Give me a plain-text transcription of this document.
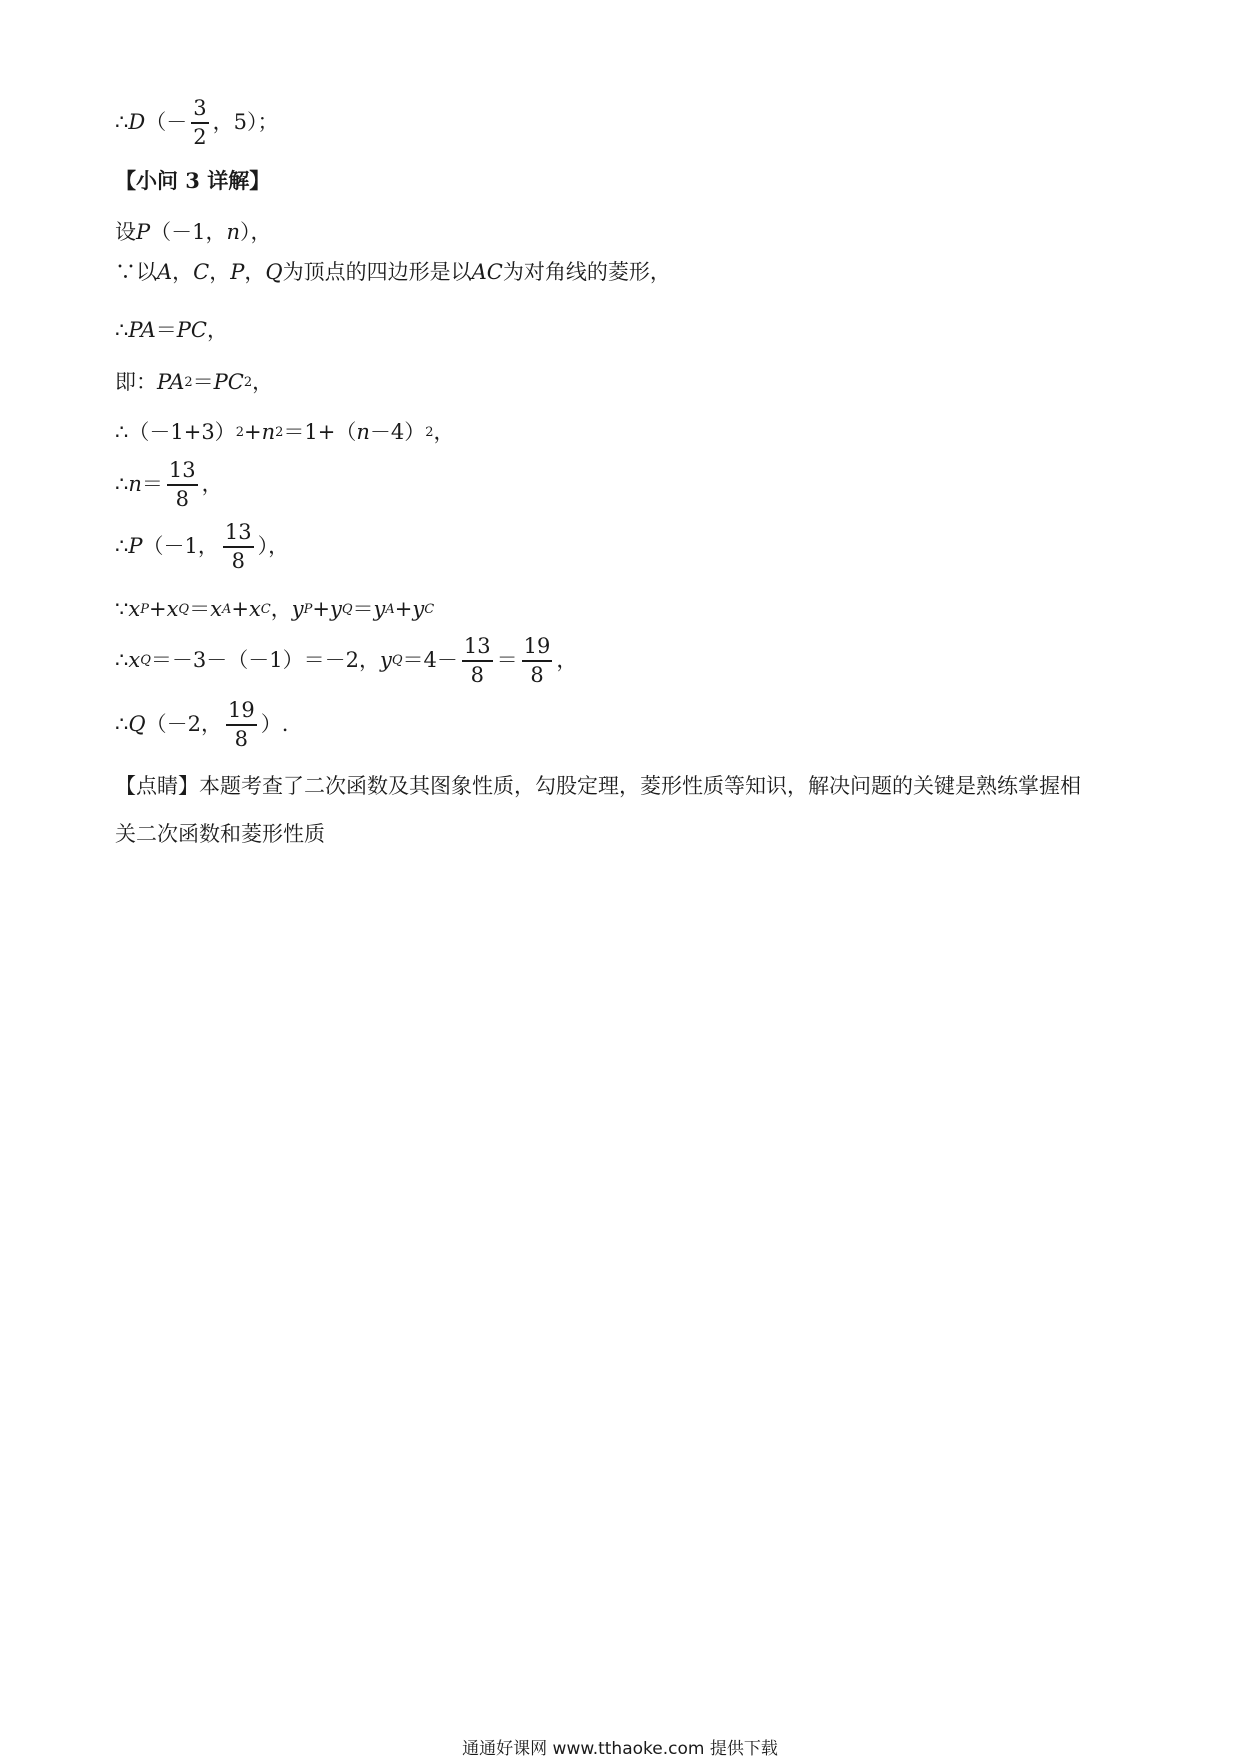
∴ D （－ $\frac{3}{2}$ ，5）；
【小问 3 详解】
设 P （－1， n ），
∵以 A ， C ， P ， Q 为顶点的四边形是以 AC 为对角线的菱形，
∴ PA ＝ PC ，
即： PA 2 ＝ PC 2 ，
∴（－1+3） 2 + n 2 ＝1+（ n －4） 2 ，
∴ $n = \frac{13}{8}$ ，
∴ P （－1， $\frac{13}{8}$ ），
∵ x P + x Q ＝ x A + x C ， y P + y Q ＝ y A + y C
∴ x Q ＝－3－（－1）＝－2， y $Q =4- \frac{13}{8} = \frac{19}{8}$ ，
∴ Q （－2， $\frac{19}{8}$ ）.
【点睛】本题考查了二次函数及其图象性质，勾股定理，菱形性质等知识，解决问题的关键是熟练掌握相
关二次函数和菱形性质
通通好课网 www.tthaoke.com 提供下载
